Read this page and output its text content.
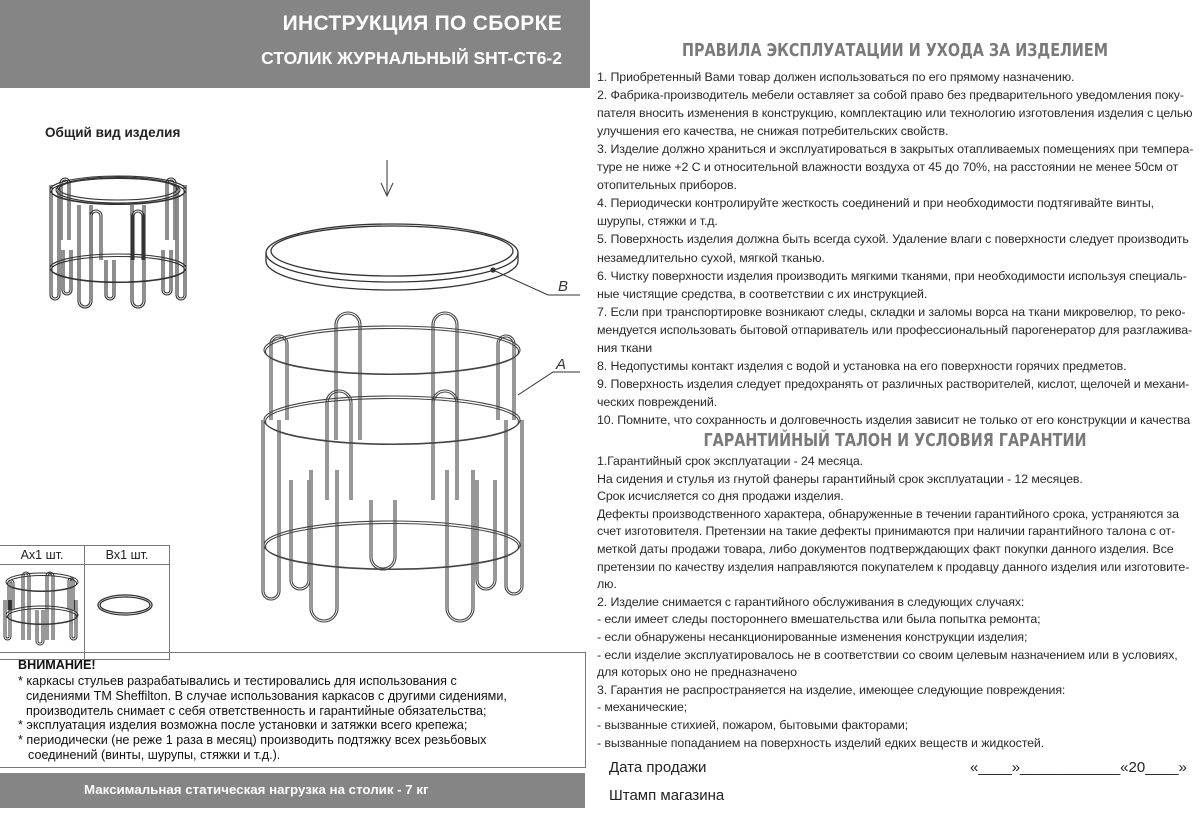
ИНСТРУКЦИЯ ПО СБОРКЕ
СТОЛИК ЖУРНАЛЬНЫЙ SHT-CT6-2
Общий вид изделия
B
A
Ax1 шт.	Bx1 шт.
ВНИМАНИЕ!
* каркасы стульев разрабатывались и тестировались для использования с
сидениями ТМ Sheffilton. В случае использования каркасов с другими сидениями,
производитель снимает с себя ответственность и гарантийные обязательства;
* эксплуатация изделия возможна после установки и затяжки всего крепежа;
* периодически (не реже 1 раза в месяц) производить подтяжку всех резьбовых
соединений (винты, шурупы, стяжки и т.д.).
Максимальная статическая нагрузка на столик - 7 кг
ПРАВИЛА ЭКСПЛУАТАЦИИ И УХОДА ЗА ИЗДЕЛИЕМ
1. Приобретенный Вами товар должен использоваться по его прямому назначению.
2. Фабрика-производитель мебели оставляет за собой право без предварительного уведомления поку-
пателя вносить изменения в конструкцию, комплектацию или технологию изготовления изделия с целью
улучшения его качества, не снижая потребительских свойств.
3. Изделие должно храниться и эксплуатироваться в закрытых отапливаемых помещениях при темпера-
туре не ниже +2 С и относительной влажности воздуха от 45 до 70%, на расстоянии не менее 50см от
отопительных приборов.
4. Периодически контролируйте жесткость соединений и при необходимости подтягивайте винты,
шурупы, стяжки и т.д.
5. Поверхность изделия должна быть всегда сухой. Удаление влаги с поверхности следует производить
незамедлительно сухой, мягкой тканью.
6. Чистку поверхности изделия производить мягкими тканями, при необходимости используя специаль-
ные чистящие средства, в соответствии с их инструкцией.
7. Если при транспортировке возникают следы, складки и заломы ворса на ткани микровелюр, то реко-
мендуется использовать бытовой отпариватель или профессиональный парогенератор для разглажива-
ния ткани
8. Недопустимы контакт изделия с водой и установка на его поверхности горячих предметов.
9. Поверхность изделия следует предохранять от различных растворителей, кислот, щелочей и механи-
ческих повреждений.
10. Помните, что сохранность и долговечность изделия зависит не только от его конструкции и качества
ГАРАНТИЙНЫЙ ТАЛОН И УСЛОВИЯ ГАРАНТИИ
1.Гарантийный срок эксплуатации - 24 месяца.
На сидения и стулья из гнутой фанеры гарантийный срок эксплуатации - 12 месяцев.
Срок исчисляется со дня продажи изделия.
Дефекты производственного характера, обнаруженные в течении гарантийного срока, устраняются за
счет изготовителя. Претензии на такие дефекты принимаются при наличии гарантийного талона с от-
меткой даты продажи товара, либо документов подтверждающих факт покупки данного изделия. Все
претензии по качеству изделия направляются покупателем к продавцу данного изделия или изготовите-
лю.
2. Изделие снимается с гарантийного обслуживания в следующих случаях:
- если имеет следы постороннего вмешательства или была попытка ремонта;
- если обнаружены несанкционированные изменения конструкции изделия;
- если изделие эксплуатировалось не в соответствии со своим целевым назначением или в условиях,
для которых оно не предназначено
3. Гарантия не распространяется на изделие, имеющее следующие повреждения:
- механические;
- вызванные стихией, пожаром, бытовыми факторами;
- вызванные попаданием на поверхность изделий едких веществ и жидкостей.
Дата продажи	«____»____________«20____»
Штамп магазина
